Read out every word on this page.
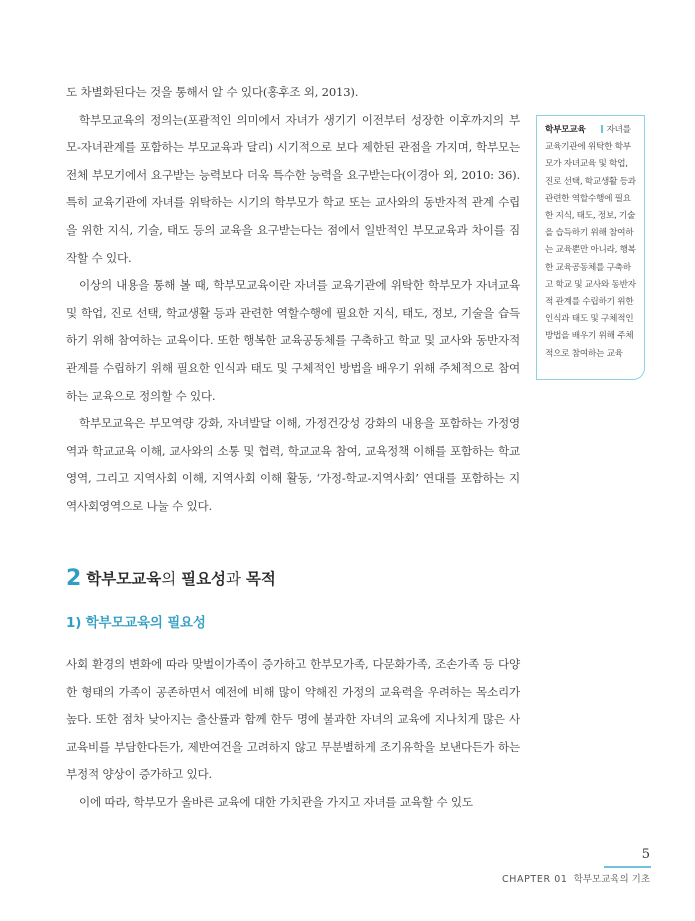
도 차별화된다는 것을 통해서 알 수 있다(홍후조 외, 2013).

학부모교육의 정의는(포괄적인 의미에서 자녀가 생기기 이전부터 성장한 이후까지의 부모-자녀관계를 포함하는 부모교육과 달리) 시기적으로 보다 제한된 관점을 가지며, 학부모는 전체 부모기에서 요구받는 능력보다 더욱 특수한 능력을 요구받는다(이경아 외, 2010: 36). 특히 교육기관에 자녀를 위탁하는 시기의 학부모가 학교 또는 교사와의 동반자적 관계 수립을 위한 지식, 기술, 태도 등의 교육을 요구받는다는 점에서 일반적인 부모교육과 차이를 짐작할 수 있다.

이상의 내용을 통해 볼 때, 학부모교육이란 자녀를 교육기관에 위탁한 학부모가 자녀교육 및 학업, 진로 선택, 학교생활 등과 관련한 역할수행에 필요한 지식, 태도, 정보, 기술을 습득하기 위해 참여하는 교육이다. 또한 행복한 교육공동체를 구축하고 학교 및 교사와 동반자적 관계를 수립하기 위해 필요한 인식과 태도 및 구체적인 방법을 배우기 위해 주체적으로 참여하는 교육으로 정의할 수 있다.

학부모교육은 부모역량 강화, 자녀발달 이해, 가정건강성 강화의 내용을 포함하는 가정영역과 학교교육 이해, 교사와의 소통 및 협력, 학교교육 참여, 교육정책 이해를 포함하는 학교영역, 그리고 지역사회 이해, 지역사회 이해 활동, ‘가정-학교-지역사회’ 연대를 포함하는 지역사회영역으로 나눌 수 있다.

학부모교육 자녀를 교육기관에 위탁한 학부모가 자녀교육 및 학업, 진로 선택, 학교생활 등과 관련한 역할수행에 필요한 지식, 태도, 정보, 기술을 습득하기 위해 참여하는 교육뿐만 아니라, 행복한 교육공동체를 구축하고 학교 및 교사와 동반자적 관계를 수립하기 위한 인식과 태도 및 구체적인 방법을 배우기 위해 주체적으로 참여하는 교육
2 학부모교육의 필요성과 목적
1) 학부모교육의 필요성

사회 환경의 변화에 따라 맞벌이가족이 증가하고 한부모가족, 다문화가족, 조손가족 등 다양한 형태의 가족이 공존하면서 예전에 비해 많이 약해진 가정의 교육력을 우려하는 목소리가 높다. 또한 점차 낮아지는 출산률과 함께 한두 명에 불과한 자녀의 교육에 지나치게 많은 사교육비를 부담한다든가, 제반여건을 고려하지 않고 무분별하게 조기유학을 보낸다든가 하는 부정적 양상이 증가하고 있다.

이에 따라, 학부모가 올바른 교육에 대한 가치관을 가지고 자녀를 교육할 수 있도

5
CHAPTER 01 학부모교육의 기초
